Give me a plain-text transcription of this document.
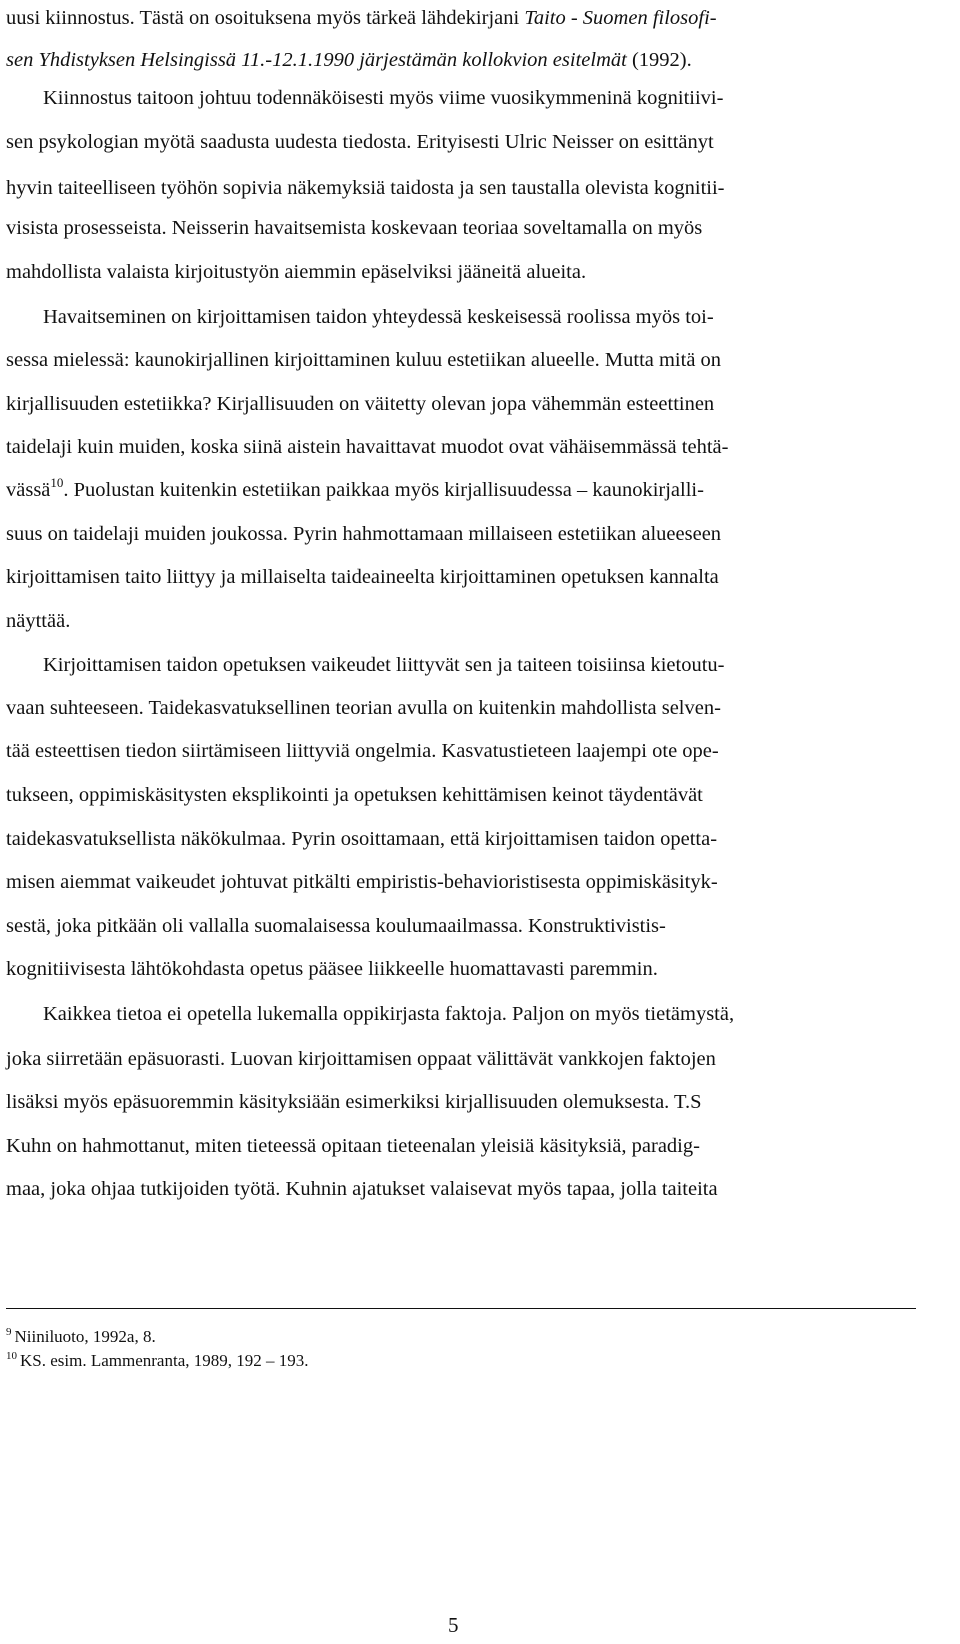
uusi kiinnostus. Tästä on osoituksena myös tärkeä lähdekirjani Taito - Suomen filosofi-
sen Yhdistyksen Helsingissä 11.-12.1.1990 järjestämän kollokvion esitelmät (1992).
Kiinnostus taitoon johtuu todennäköisesti myös viime vuosikymmeninä kognitiivi-
sen psykologian myötä saadusta uudesta tiedosta. Erityisesti Ulric Neisser on esittänyt
hyvin taiteelliseen työhön sopivia näkemyksiä taidosta ja sen taustalla olevista kognitii-
visista prosesseista. Neisserin havaitsemista koskevaan teoriaa soveltamalla on myös
mahdollista valaista kirjoitustyön aiemmin epäselviksi jääneitä alueita.
Havaitseminen on kirjoittamisen taidon yhteydessä keskeisessä roolissa myös toi-
sessa mielessä: kaunokirjallinen kirjoittaminen kuluu estetiikan alueelle. Mutta mitä on
kirjallisuuden estetiikka? Kirjallisuuden on väitetty olevan jopa vähemmän esteettinen
taidelaji kuin muiden, koska siinä aistein havaittavat muodot ovat vähäisemmässä tehtä-
vässä$^{10}$. Puolustan kuitenkin estetiikan paikkaa myös kirjallisuudessa – kaunokirjalli-
suus on taidelaji muiden joukossa. Pyrin hahmottamaan millaiseen estetiikan alueeseen
kirjoittamisen taito liittyy ja millaiselta taideaineelta kirjoittaminen opetuksen kannalta
näyttää.
Kirjoittamisen taidon opetuksen vaikeudet liittyvät sen ja taiteen toisiinsa kietoutu-
vaan suhteeseen. Taidekasvatuksellinen teorian avulla on kuitenkin mahdollista selven-
tää esteettisen tiedon siirtämiseen liittyviä ongelmia. Kasvatustieteen laajempi ote ope-
tukseen, oppimiskäsitysten eksplikointi ja opetuksen kehittämisen keinot täydentävät
taidekasvatuksellista näkökulmaa. Pyrin osoittamaan, että kirjoittamisen taidon opetta-
misen aiemmat vaikeudet johtuvat pitkälti empiristis-behavioristisesta oppimiskäsityk-
sestä, joka pitkään oli vallalla suomalaisessa koulumaailmassa. Konstruktivistis-
kognitiivisesta lähtökohdasta opetus pääsee liikkeelle huomattavasti paremmin.
Kaikkea tietoa ei opetella lukemalla oppikirjasta faktoja. Paljon on myös tietämystä,
joka siirretään epäsuorasti. Luovan kirjoittamisen oppaat välittävät vankkojen faktojen
lisäksi myös epäsuoremmin käsityksiään esimerkiksi kirjallisuuden olemuksesta. T.S
Kuhn on hahmottanut, miten tieteessä opitaan tieteenalan yleisiä käsityksiä, paradig-
maa, joka ohjaa tutkijoiden työtä. Kuhnin ajatukset valaisevat myös tapaa, jolla taiteita
$^9$ Niiniluoto, 1992a, 8.
$^{10}$ KS. esim. Lammenranta, 1989, 192 – 193.
5
